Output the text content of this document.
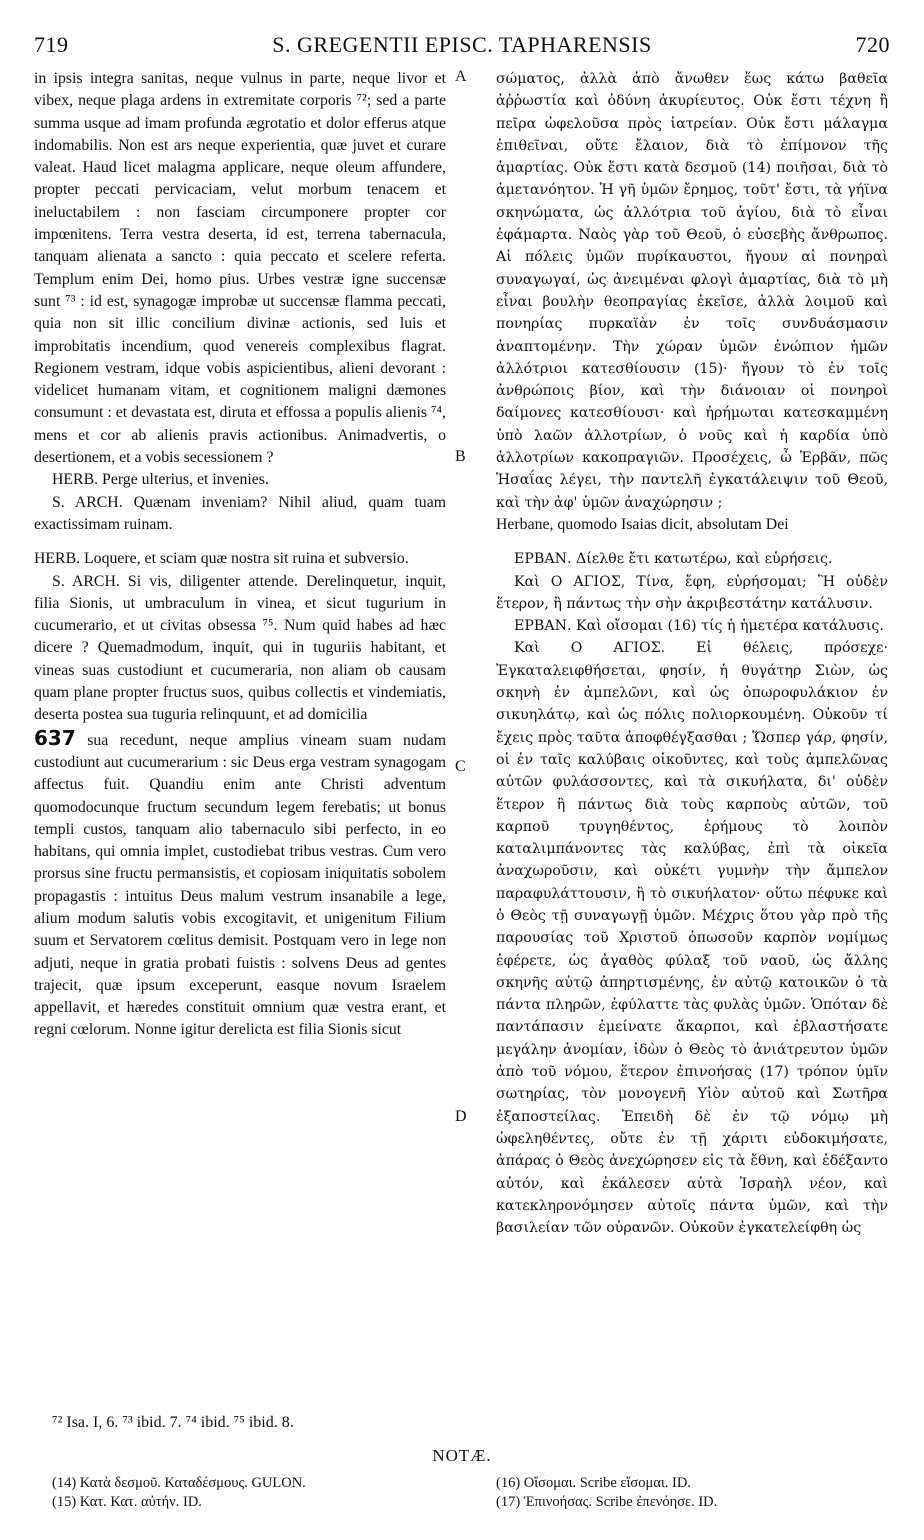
719	S. GREGENTII EPISC. TAPHARENSIS	720

in ipsis integra sanitas, neque vulnus in parte, neque livor et vibex, neque plaga ardens in extremitate corporis ⁷²; sed a parte summa usque ad imam profunda ægrotatio et dolor efferus atque indomabilis. Non est ars neque experientia, quæ juvet et curare valeat. Haud licet malagma applicare, neque oleum affundere, propter peccati pervicaciam, velut morbum tenacem et ineluctabilem : non fasciam circumponere propter cor impœnitens. Terra vestra deserta, id est, terrena tabernacula, tanquam alienata a sancto : quia peccato et scelere referta. Templum enim Dei, homo pius. Urbes vestræ igne succensæ sunt ⁷³ : id est, synagogæ improbæ ut succensæ flamma peccati, quia non sit illic concilium divinæ actionis, sed luis et improbitatis incendium, quod venereis complexibus flagrat. Regionem vestram, idque vobis aspicientibus, alieni devorant : videlicet humanam vitam, et cognitionem maligni dæmones consumunt : et devastata est, diruta et effossa a populis alienis ⁷⁴, mens et cor ab alienis pravis actionibus. Animadvertis, o desertionem, et a vobis secessionem ?

HERB. Perge ulterius, et invenies.

S. ARCH. Quænam inveniam? Nihil aliud, quam tuam exactissimam ruinam.

HERB. Loquere, et sciam quæ nostra sit ruina et subversio.

S. ARCH. Si vis, diligenter attende. Derelinquetur, inquit, filia Sionis, ut umbraculum in vinea, et sicut tugurium in cucumerario, et ut civitas obsessa ⁷⁵. Num quid habes ad hæc dicere ? Quemadmodum, inquit, qui in tuguriis habitant, et vineas suas custodiunt et cucumeraria, non aliam ob causam quam plane propter fructus suos, quibus collectis et vindemiatis, deserta postea sua tuguria relinquunt, et ad domicilia

637 sua recedunt, neque amplius vineam suam nudam custodiunt aut cucumerarium : sic Deus erga vestram synagogam affectus fuit. Quandiu enim ante Christi adventum quomodocunque fructum secundum legem ferebatis; ut bonus templi custos, tanquam alio tabernaculo sibi perfecto, in eo habitans, qui omnia implet, custodiebat tribus vestras. Cum vero prorsus sine fructu permansistis, et copiosam iniquitatis sobolem propagastis : intuitus Deus malum vestrum insanabile a lege, alium modum salutis vobis excogitavit, et unigenitum Filium suum et Servatorem cœlitus demisit. Postquam vero in lege non adjuti, neque in gratia probati fuistis : solvens Deus ad gentes trajecit, quæ ipsum exceperunt, easque novum Israelem appellavit, et hæredes constituit omnium quæ vestra erant, et regni cœlorum. Nonne igitur derelicta est filia Sionis sicut

A
B
C
D

σώματος, ἀλλὰ ἀπὸ ἄνωθεν ἕως κάτω βαθεῖα ἀῤῥωστία καὶ ὀδύνη ἀκυρίευτος. Οὐκ ἔστι τέχνη ἢ πεῖρα ὠφελοῦσα πρὸς ἰατρείαν. Οὐκ ἔστι μάλαγμα ἐπιθεῖναι, οὔτε ἔλαιον, διὰ τὸ ἐπίμονον τῆς ἁμαρτίας. Οὐκ ἔστι κατὰ δεσμοῦ (14) ποιῆσαι, διὰ τὸ ἀμετανόητον. Ἡ γῆ ὑμῶν ἔρημος, τοῦτ' ἔστι, τὰ γήϊνα σκηνώματα, ὡς ἀλλότρια τοῦ ἁγίου, διὰ τὸ εἶναι ἐφάμαρτα. Ναὸς γὰρ τοῦ Θεοῦ, ὁ εὐσεβὴς ἄνθρωπος. Αἱ πόλεις ὑμῶν πυρίκαυστοι, ἤγουν αἱ πονηραὶ συναγωγαί, ὡς ἀνειμέναι φλογὶ ἁμαρτίας, διὰ τὸ μὴ εἶναι βουλὴν θεοπραγίας ἐκεῖσε, ἀλλὰ λοιμοῦ καὶ πονηρίας πυρκαϊὰν ἐν τοῖς συνδυάσμασιν ἀναπτομένην. Τὴν χώραν ὑμῶν ἐνώπιον ἡμῶν ἀλλότριοι κατεσθίουσιν (15)· ἤγουν τὸ ἐν τοῖς ἀνθρώποις βίον, καὶ τὴν διάνοιαν οἱ πονηροὶ δαίμονες κατεσθίουσι· καὶ ἠρήμωται κατεσκαμμένη ὑπὸ λαῶν ἀλλοτρίων, ὁ νοῦς καὶ ἡ καρδία ὑπὸ ἀλλοτρίων κακοπραγιῶν. Προσέχεις, ὦ Ἐρβᾶν, πῶς Ἡσαΐας λέγει, τὴν παντελῆ ἐγκατάλειψιν τοῦ Θεοῦ, καὶ τὴν ἀφ' ὑμῶν ἀναχώρησιν ;

Herbane, quomodo Isaias dicit, absolutam Dei

ΕΡΒΑΝ. Δίελθε ἔτι κατωτέρω, καὶ εὑρήσεις.

Καὶ Ο ΑΓΙΟΣ, Τίνα, ἔφη, εὑρήσομαι; Ἢ οὐδὲν ἕτερον, ἢ πάντως τὴν σὴν ἀκριβεστάτην κατάλυσιν.

ΕΡΒΑΝ. Καὶ οἴσομαι (16) τίς ἡ ἡμετέρα κατάλυσις.

Καὶ Ο ΑΓΙΟΣ. Εἰ θέλεις, πρόσεχε· Ἐγκαταλειφθήσεται, φησίν, ἡ θυγάτηρ Σιὼν, ὡς σκηνὴ ἐν ἀμπελῶνι, καὶ ὡς ὀπωροφυλάκιον ἐν σικυηλάτῳ, καὶ ὡς πόλις πολιορκουμένη. Οὐκοῦν τί ἔχεις πρὸς ταῦτα ἀποφθέγξασθαι ; Ὥσπερ γάρ, φησίν, οἱ ἐν ταῖς καλύβαις οἰκοῦντες, καὶ τοὺς ἀμπελῶνας αὐτῶν φυλάσσοντες, καὶ τὰ σικυήλατα, δι' οὐδὲν ἕτερον ἢ πάντως διὰ τοὺς καρποὺς αὐτῶν, τοῦ καρποῦ τρυγηθέντος, ἐρήμους τὸ λοιπὸν καταλιμπάνοντες τὰς καλύβας, ἐπὶ τὰ οἰκεῖα ἀναχωροῦσιν, καὶ οὐκέτι γυμνὴν τὴν ἄμπελον παραφυλάττουσιν, ἢ τὸ σικυήλατον· οὕτω πέφυκε καὶ ὁ Θεὸς τῇ συναγωγῇ ὑμῶν. Μέχρις ὅτου γὰρ πρὸ τῆς παρουσίας τοῦ Χριστοῦ ὁπωσοῦν καρπὸν νομίμως ἐφέρετε, ὡς ἀγαθὸς φύλαξ τοῦ ναοῦ, ὡς ἄλλης σκηνῆς αὐτῷ ἀπηρτισμένης, ἐν αὐτῷ κατοικῶν ὁ τὰ πάντα πληρῶν, ἐφύλαττε τὰς φυλὰς ὑμῶν. Ὁπόταν δὲ παντάπασιν ἐμείνατε ἄκαρποι, καὶ ἐβλαστήσατε μεγάλην ἀνομίαν, ἰδὼν ὁ Θεὸς τὸ ἀνιάτρευτον ὑμῶν ἀπὸ τοῦ νόμου, ἕτερον ἐπινοήσας (17) τρόπον ὑμῖν σωτηρίας, τὸν μονογενῆ Υἱὸν αὐτοῦ καὶ Σωτῆρα ἐξαποστείλας. Ἐπειδὴ δὲ ἐν τῷ νόμῳ μὴ ὠφεληθέντες, οὔτε ἐν τῇ χάριτι εὐδοκιμήσατε, ἀπάρας ὁ Θεὸς ἀνεχώρησεν εἰς τὰ ἔθνη, καὶ ἐδέξαντο αὐτόν, καὶ ἐκάλεσεν αὐτὰ Ἰσραὴλ νέον, καὶ κατεκληρονόμησεν αὐτοῖς πάντα ὑμῶν, καὶ τὴν βασιλείαν τῶν οὐρανῶν. Οὐκοῦν ἐγκατελείφθη ὡς

⁷² Isa. I, 6. ⁷³ ibid. 7. ⁷⁴ ibid. ⁷⁵ ibid. 8.
NOTÆ.

(14) Κατὰ δεσμοῦ. Καταδέσμους. GULON.

(15) Κατ. Κατ. αὐτήν. ID.

(16) Οἴσομαι. Scribe εἴσομαι. ID.

(17) Ἐπινοήσας. Scribe ἐπενόησε. ID.
